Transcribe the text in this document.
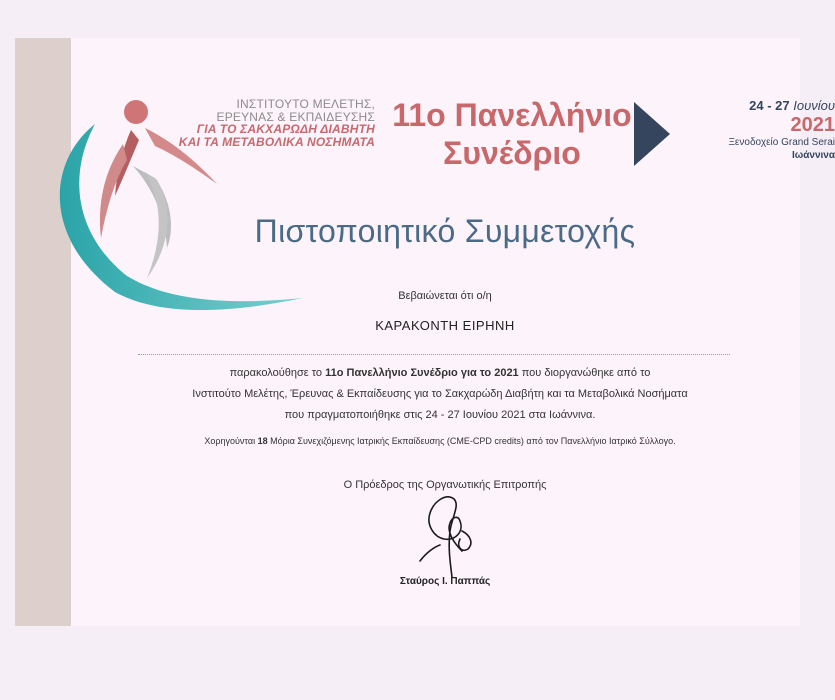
ΙΝΣΤΙΤΟΥΤΟ ΜΕΛΕΤΗΣ,
ΕΡΕΥΝΑΣ & ΕΚΠΑΙΔΕΥΣΗΣ
ΓΙΑ ΤΟ ΣΑΚΧΑΡΩΔΗ ΔΙΑΒΗΤΗ
ΚΑΙ ΤΑ ΜΕΤΑΒΟΛΙΚΑ ΝΟΣΗΜΑΤΑ
11ο Πανελλήνιο
Συνέδριο
24 - 27 Ιουνίου
2021
Ξενοδοχείο Grand Serai
Ιωάννινα
Πιστοποιητικό Συμμετοχής
Βεβαιώνεται ότι ο/η
ΚΑΡΑΚΟΝΤΗ ΕΙΡΗΝΗ
παρακολούθησε το 11ο Πανελλήνιο Συνέδριο για το 2021 που διοργανώθηκε από το
Ινστιτούτο Μελέτης, Έρευνας & Εκπαίδευσης για το Σακχαρώδη Διαβήτη και τα Μεταβολικά Νοσήματα
που πραγματοποιήθηκε στις 24 - 27 Ιουνίου 2021 στα Ιωάννινα.
Χορηγούνται 18 Μόρια Συνεχιζόμενης Ιατρικής Εκπαίδευσης (CME-CPD credits) από τον Πανελλήνιο Ιατρικό Σύλλογο.
Ο Πρόεδρος της Οργανωτικής Επιτροπής
Σταύρος Ι. Παππάς
